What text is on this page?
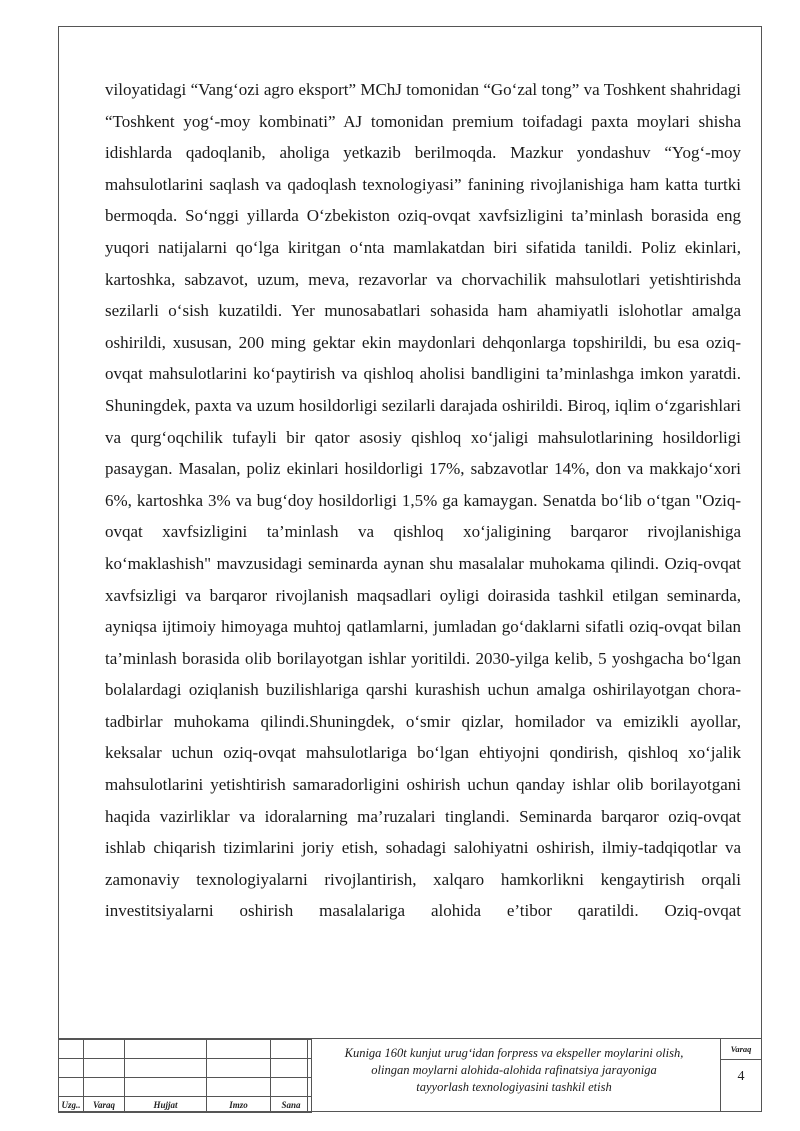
viloyatidagi “Vang‘ozi agro eksport” MChJ tomonidan “Go‘zal tong” va Toshkent shahridagi “Toshkent yog‘-moy kombinati” AJ tomonidan premium toifadagi paxta moylari shisha idishlarda qadoqlanib, aholiga yetkazib berilmoqda. Mazkur yondashuv “Yog‘-moy mahsulotlarini saqlash va qadoqlash texnologiyasi” fanining rivojlanishiga ham katta turtki bermoqda. So‘nggi yillarda O‘zbekiston oziq-ovqat xavfsizligini ta’minlash borasida eng yuqori natijalarni qo‘lga kiritgan o‘nta mamlakatdan biri sifatida tanildi. Poliz ekinlari, kartoshka, sabzavot, uzum, meva, rezavorlar va chorvachilik mahsulotlari yetishtirishda sezilarli o‘sish kuzatildi. Yer munosabatlari sohasida ham ahamiyatli islohotlar amalga oshirildi, xususan, 200 ming gektar ekin maydonlari dehqonlarga topshirildi, bu esa oziq-ovqat mahsulotlarini ko‘paytirish va qishloq aholisi bandligini ta’minlashga imkon yaratdi. Shuningdek, paxta va uzum hosildorligi sezilarli darajada oshirildi. Biroq, iqlim o‘zgarishlari va qurg‘oqchilik tufayli bir qator asosiy qishloq xo‘jaligi mahsulotlarining hosildorligi pasaygan. Masalan, poliz ekinlari hosildorligi 17%, sabzavotlar 14%, don va makkajo‘xori 6%, kartoshka 3% va bug‘doy hosildorligi 1,5% ga kamaygan. Senatda bo‘lib o‘tgan "Oziq-ovqat xavfsizligini ta’minlash va qishloq xo‘jaligining barqaror rivojlanishiga ko‘maklashish" mavzusidagi seminarda aynan shu masalalar muhokama qilindi. Oziq-ovqat xavfsizligi va barqaror rivojlanish maqsadlari oyligi doirasida tashkil etilgan seminarda, ayniqsa ijtimoiy himoyaga muhtoj qatlamlarni, jumladan go‘daklarni sifatli oziq-ovqat bilan ta’minlash borasida olib borilayotgan ishlar yoritildi. 2030-yilga kelib, 5 yoshgacha bo‘lgan bolalardagi oziqlanish buzilishlariga qarshi kurashish uchun amalga oshirilayotgan chora-tadbirlar muhokama qilindi.Shuningdek, o‘smir qizlar, homilador va emizikli ayollar, keksalar uchun oziq-ovqat mahsulotlariga bo‘lgan ehtiyojni qondirish, qishloq xo‘jalik mahsulotlarini yetishtirish samaradorligini oshirish uchun qanday ishlar olib borilayotgani haqida vazirliklar va idoralarning ma’ruzalari tinglandi. Seminarda barqaror oziq-ovqat ishlab chiqarish tizimlarini joriy etish, sohadagi salohiyatni oshirish, ilmiy-tadqiqotlar va zamonaviy texnologiyalarni rivojlantirish, xalqaro hamkorlikni kengaytirish orqali investitsiyalarni oshirish masalalariga alohida e’tibor qaratildi. Oziq-ovqat

Uzg..	Varaq	Hujjat	Imzo	Sana
Kuniga 160t kunjut urug‘idan forpress va ekspeller moylarini olish,
olingan moylarni alohida-alohida rafinatsiya jarayoniga
tayyorlash texnologiyasini tashkil etish
Varaq
4
